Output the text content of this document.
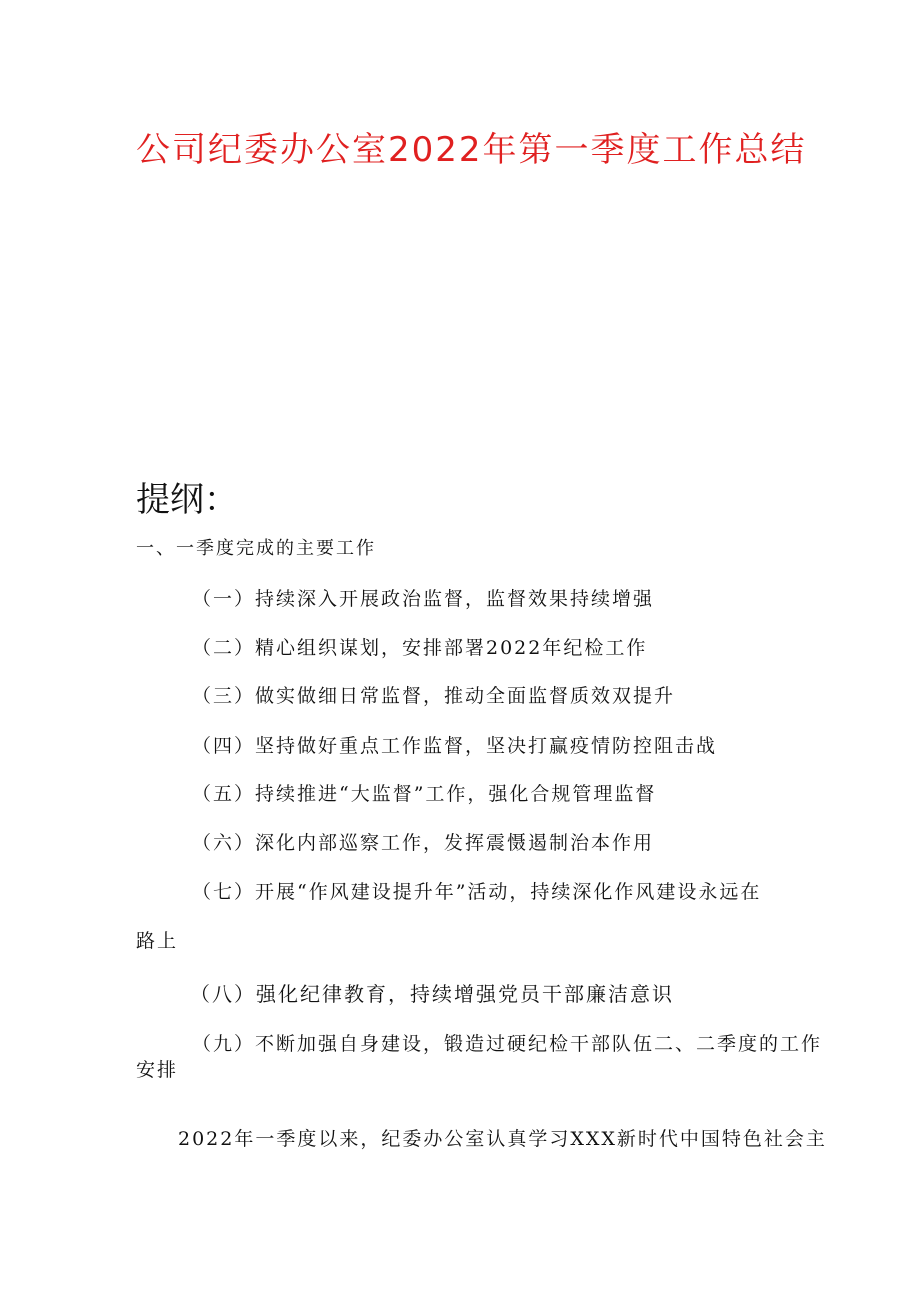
公司纪委办公室2022年第一季度工作总结
提纲：
一、一季度完成的主要工作
（一）持续深入开展政治监督，监督效果持续增强
（二）精心组织谋划，安排部署2022年纪检工作
（三）做实做细日常监督，推动全面监督质效双提升
（四）坚持做好重点工作监督，坚决打赢疫情防控阻击战
（五）持续推进“大监督”工作，强化合规管理监督
（六）深化内部巡察工作，发挥震慑遏制治本作用
（七）开展“作风建设提升年”活动，持续深化作风建设永远在
路上
（八）强化纪律教育，持续增强党员干部廉洁意识
（九）不断加强自身建设，锻造过硬纪检干部队伍二、二季度的工作
安排
2022年一季度以来，纪委办公室认真学习XXX新时代中国特色社会主
